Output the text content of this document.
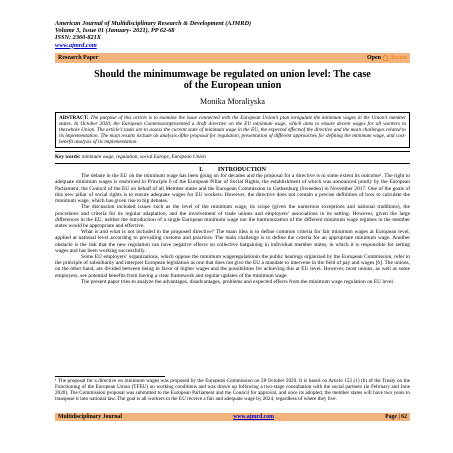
American Journal of Multidisciplinary Research & Development (AJMRD)
Volume 3, Issue 01 (January- 2021), PP 62-68
ISSN: 2360-821X
www.ajmrd.com
Research Paper	Open Access
Should the minimumwage be regulated on union level: The case
of the European union
Monika Moraliyska
ABSTRACT: The purpose of this article is to examine the issue connected with the European Union’s plan toregulate the minimum wages in the Union’s member states. In October 2020, the European Commissionpresented a draft directive on the EU minimum wage, which aims to ensure decent wages for all workers in theswhole Union. The article’s tasks are to assess the current state of minimum wage in the EU, the expected effectsof the directive and the main challenges related to its implementation. The main results include an analysis ofthe proposal for regulation, presentation of different approaches for defining the minimum wage, and cost-benefit analysis of its implementation.
Key words: minimum wage, regulation, social Europe, European Union
I.          INTRODUCTION

The debate in the EU on the minimum wage has been going on for decades and the proposal for a directive is to some extent its outcome¹. The right to adequate minimum wages is enshrined in Principle 6 of the European Pillar of Social Rights, the establishment of which was announced jointly by the European Parliament, the Council of the EU on behalf of all Member states and the European Commission in Gothenburg (Sweeden) in November 2017. One of the goals of this new pillar of social rights is to ensure adequate wages for EU workers. However, the directive does not contain a precise definition of how to calculate the minimum wage, which has given rise to big debates.

The discussion included issues such as the level of the minimum wage, its scope (given the numerous exceptions and national traditions), the procedures and criteria for its regular adaptation, and the involvement of trade unions and employers’ associations in its setting. However, given the large differences in the EU, neither the introduction of a single European minimum wage nor the harmonization of the different minimum wage regimes in the member states would be appropriate and effective.

What is and what is not included in the proposed directive? The main idea is to define common criteria for fair minimum wages at European level, applied at national level according to prevailing customs and practices. The main challenge is to define the criteria for an appropriate minimum wage. Another obstacle is the risk that the new regulation can have negative effects on collective bargaining in individual member states, in which it is responsible for setting wages and has been working successfully.

Some EU employers’ organizations, which oppose the minimum wageregulationin the public hearings organized by the European Commission, refer to the principle of subsidiarity and interpret European legislation as one that does not give the EU a mandate to intervene in the field of pay and wages [6]. The unions, on the other hand, are divided between being in favor of higher wages and the possibilities for achieving this at EU level. However, most unions, as well as some employers, see potential benefits from having a clear framework and regular updates of the minimum wage.

The present paper tries to analyze the advantages, disadvantages, problems and expected effects from the minimum wage regulation on EU level.

¹ The proposal for a directive on minimum wages was proposed by the European Commission on 28 October 2020. It is based on Article 153 (1) (b) of the Treaty on the Functioning of the European Union (TFEU) on working conditions and was drawn up following a two-stage consultation with the social partners (in February and June 2020). The Commission proposal was submitted to the European Parliament and the Council for approval, and once its adopted, the member states will have two years to transpose it into national law. The goal is all workers in the EU receive a fair and adequate wage by 2024, regardless of where they live.
Multidisciplinary Journal	www.ajmrd.com	Page | 62
